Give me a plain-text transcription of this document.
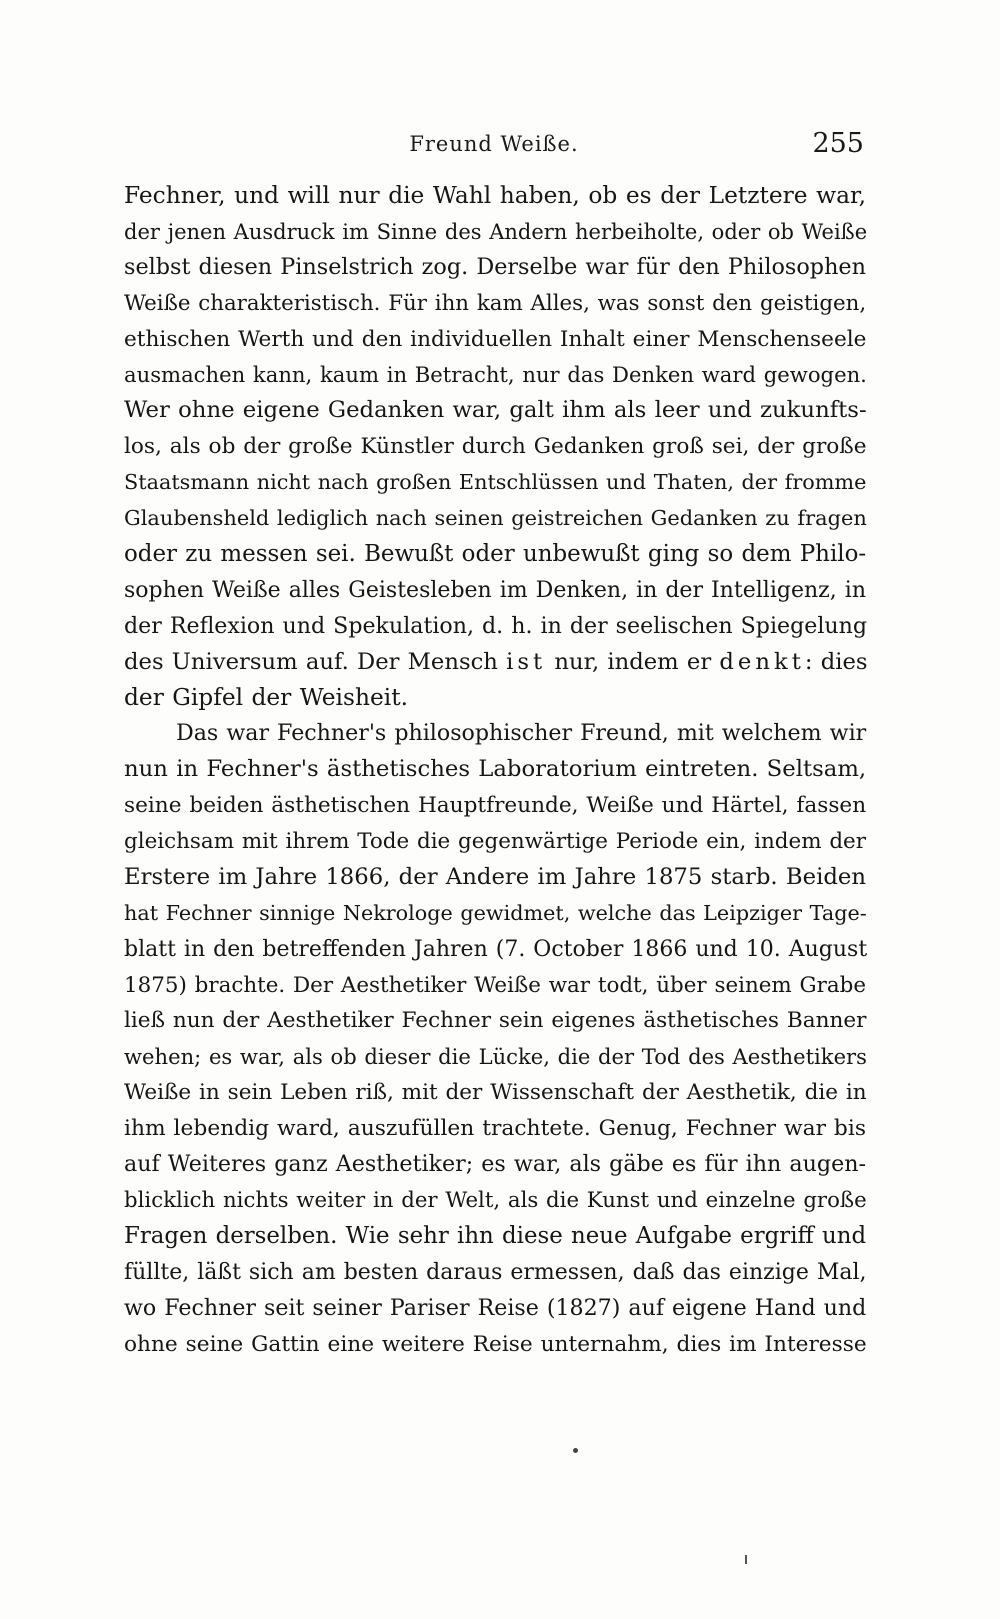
Freund Weiße.	255
Fechner, und will nur die Wahl haben, ob es der Letztere war,
der jenen Ausdruck im Sinne des Andern herbeiholte, oder ob Weiße
selbst diesen Pinselstrich zog. Derselbe war für den Philosophen
Weiße charakteristisch. Für ihn kam Alles, was sonst den geistigen,
ethischen Werth und den individuellen Inhalt einer Menschenseele
ausmachen kann, kaum in Betracht, nur das Denken ward gewogen.
Wer ohne eigene Gedanken war, galt ihm als leer und zukunfts-
los, als ob der große Künstler durch Gedanken groß sei, der große
Staatsmann nicht nach großen Entschlüssen und Thaten, der fromme
Glaubensheld lediglich nach seinen geistreichen Gedanken zu fragen
oder zu messen sei. Bewußt oder unbewußt ging so dem Philo-
sophen Weiße alles Geistesleben im Denken, in der Intelligenz, in
der Reflexion und Spekulation, d. h. in der seelischen Spiegelung
des Universum auf. Der Mensch ist nur, indem er denkt: dies
der Gipfel der Weisheit.
Das war Fechner's philosophischer Freund, mit welchem wir
nun in Fechner's ästhetisches Laboratorium eintreten. Seltsam,
seine beiden ästhetischen Hauptfreunde, Weiße und Härtel, fassen
gleichsam mit ihrem Tode die gegenwärtige Periode ein, indem der
Erstere im Jahre 1866, der Andere im Jahre 1875 starb. Beiden
hat Fechner sinnige Nekrologe gewidmet, welche das Leipziger Tage-
blatt in den betreffenden Jahren (7. October 1866 und 10. August
1875) brachte. Der Aesthetiker Weiße war todt, über seinem Grabe
ließ nun der Aesthetiker Fechner sein eigenes ästhetisches Banner
wehen; es war, als ob dieser die Lücke, die der Tod des Aesthetikers
Weiße in sein Leben riß, mit der Wissenschaft der Aesthetik, die in
ihm lebendig ward, auszufüllen trachtete. Genug, Fechner war bis
auf Weiteres ganz Aesthetiker; es war, als gäbe es für ihn augen-
blicklich nichts weiter in der Welt, als die Kunst und einzelne große
Fragen derselben. Wie sehr ihn diese neue Aufgabe ergriff und
füllte, läßt sich am besten daraus ermessen, daß das einzige Mal,
wo Fechner seit seiner Pariser Reise (1827) auf eigene Hand und
ohne seine Gattin eine weitere Reise unternahm, dies im Interesse
